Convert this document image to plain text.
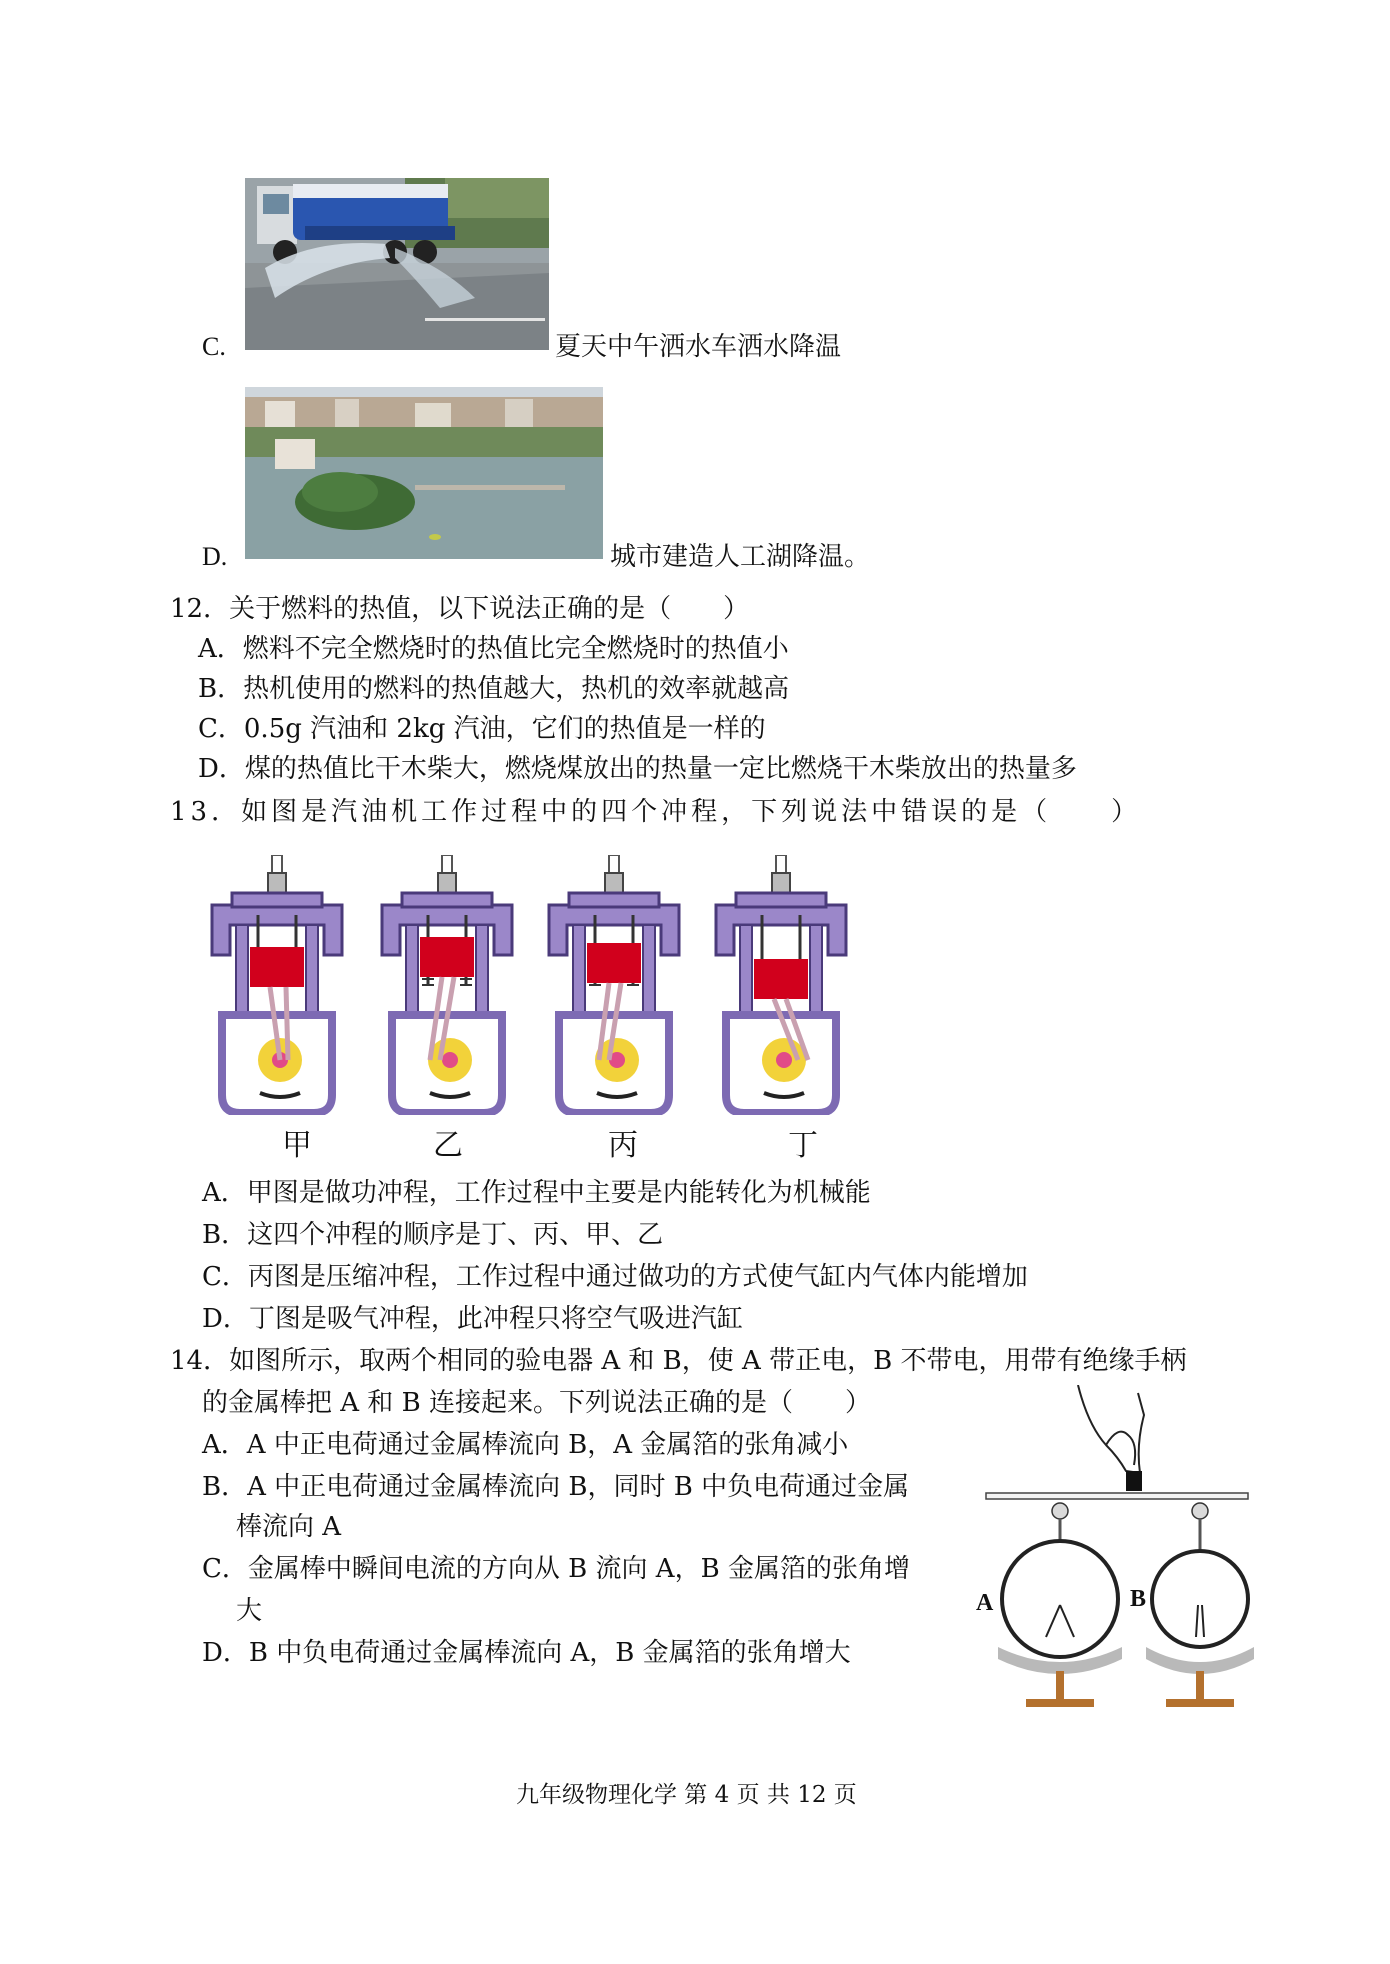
C.	夏天中午洒水车洒水降温
D.	城市建造人工湖降温。
12．关于燃料的热值，以下说法正确的是（　　）
A．燃料不完全燃烧时的热值比完全燃烧时的热值小
B．热机使用的燃料的热值越大，热机的效率就越高
C．0.5g 汽油和 2kg 汽油，它们的热值是一样的
D．煤的热值比干木柴大，燃烧煤放出的热量一定比燃烧干木柴放出的热量多
13．如图是汽油机工作过程中的四个冲程，下列说法中错误的是（　　）
甲	乙	丙	丁
A．甲图是做功冲程，工作过程中主要是内能转化为机械能
B．这四个冲程的顺序是丁、丙、甲、乙
C．丙图是压缩冲程，工作过程中通过做功的方式使气缸内气体内能增加
D．丁图是吸气冲程，此冲程只将空气吸进汽缸
14．如图所示，取两个相同的验电器 A 和 B，使 A 带正电，B 不带电，用带有绝缘手柄
的金属棒把 A 和 B 连接起来。下列说法正确的是（　　）
A．A 中正电荷通过金属棒流向 B，A 金属箔的张角减小
B．A 中正电荷通过金属棒流向 B，同时 B 中负电荷通过金属
棒流向 A
C．金属棒中瞬间电流的方向从 B 流向 A，B 金属箔的张角增
大
D．B 中负电荷通过金属棒流向 A，B 金属箔的张角增大
A	B
九年级物理化学 第 4 页 共 12 页
